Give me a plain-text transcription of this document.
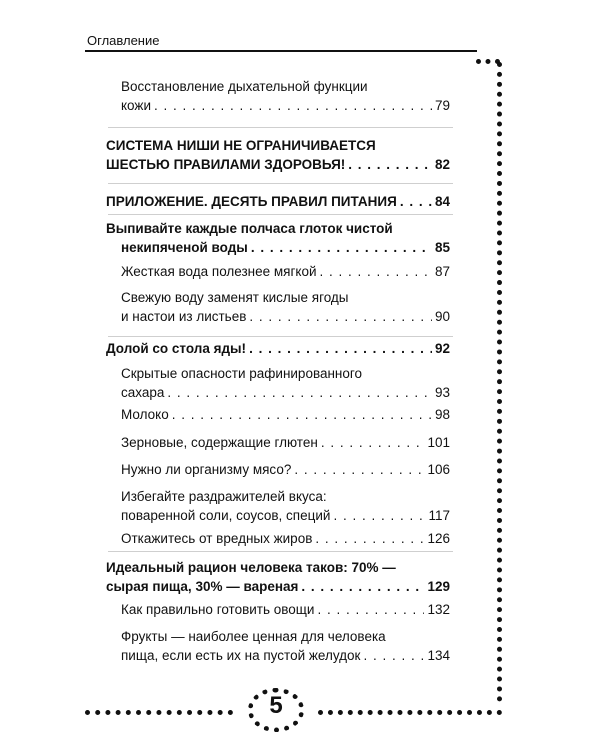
Оглавление
Восстановление дыхательной функции
кожи . . .	79
СИСТЕМА НИШИ НЕ ОГРАНИЧИВАЕТСЯ
ШЕСТЬЮ ПРАВИЛАМИ ЗДОРОВЬЯ! . . .	82
ПРИЛОЖЕНИЕ. ДЕСЯТЬ ПРАВИЛ ПИТАНИЯ . . .	84
Выпивайте каждые полчаса глоток чистой
некипяченой воды . . .	85
Жесткая вода полезнее мягкой . . .	87
Свежую воду заменят кислые ягоды
и настои из листьев . . .	90
Долой со стола яды! . . .	92
Скрытые опасности рафинированного
сахара . . .	93
Молоко . . .	98
Зерновые, содержащие глютен . . .	101
Нужно ли организму мясо? . . .	106
Избегайте раздражителей вкуса:
поваренной соли, соусов, специй . . .	117
Откажитесь от вредных жиров . . .	126
Идеальный рацион человека таков: 70% —
сырая пища, 30% — вареная . . .	129
Как правильно готовить овощи . . .	132
Фрукты — наиболее ценная для человека
пища, если есть их на пустой желудок . . .	134
5
